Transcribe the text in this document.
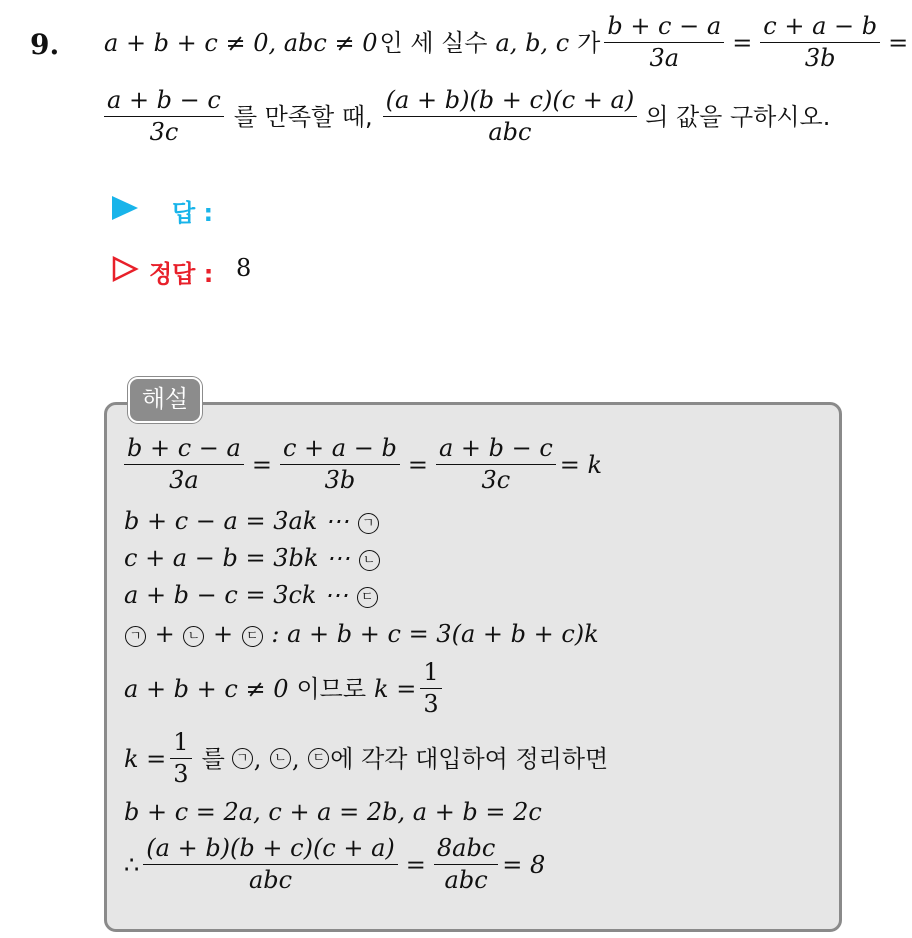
9. a + b + c ≠ 0, abc ≠ 0 인 세 실수 a, b, c 가 $\frac{b + c - a}{3a} = \frac{c + a - b}{3b}$ =
$\frac{a + b - c}{3c}$ 를 만족할 때, $\frac{(a + b)(b + c)(c + a)}{\text{abc}}$ 의 값을 구하시오.
답 :
정답 : 8
해설
$\frac{b + c - a}{3a} = \frac{c + a - b}{3b} = \frac{a + b - c}{3c} = k$
b + c − a = 3ak ⋯ ㄱ
c + a − b = 3bk ⋯ ㄴ
a + b − c = 3ck ⋯ ㄷ
ㄱ + ㄴ + ㄷ : a + b + c = 3(a + b + c)k
a + b + c ≠ 0 이므로 $k = \frac{1}{3}$
$k = \frac{1}{3}$ 를 ㄱ , ㄴ , ㄷ 에 각각 대입하여 정리하면
b + c = 2a, c + a = 2b, a + b = 2c
∴ $\frac{(a + b)(b + c)(c + a)}{\text{abc}} = \frac{\text{8abc}}{\text{abc}} = 8$
